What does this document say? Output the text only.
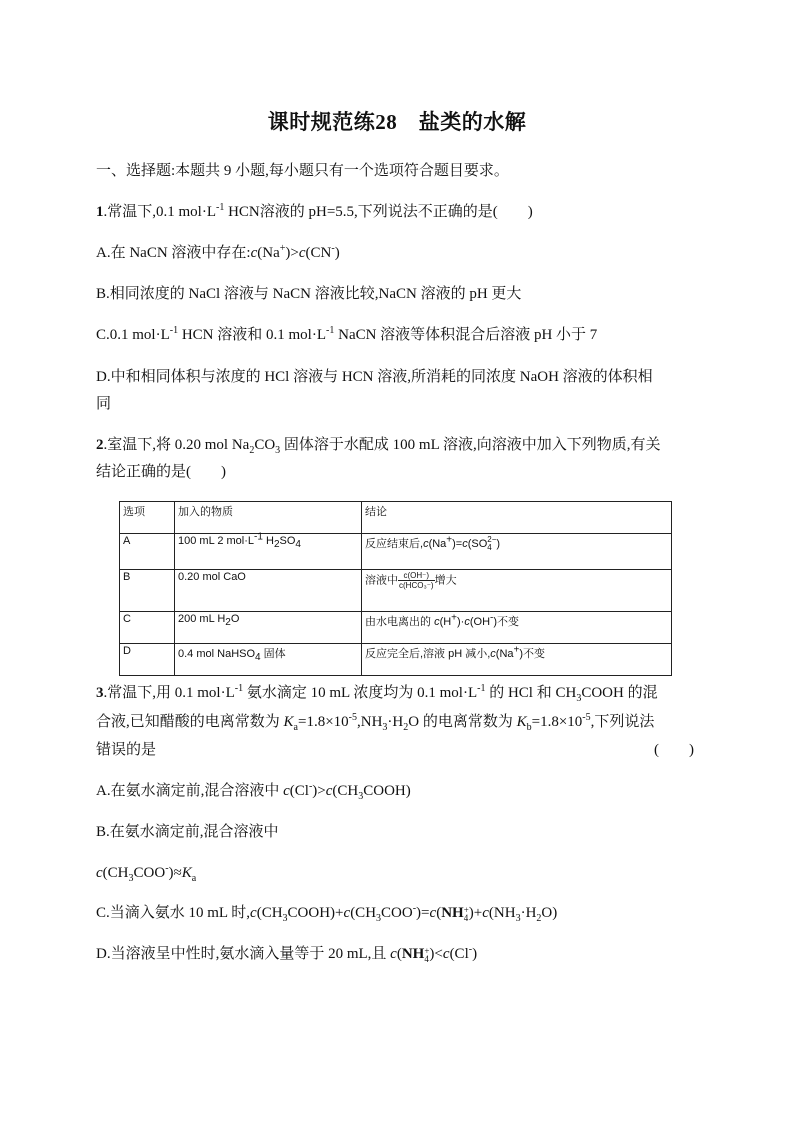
课时规范练28　盐类的水解
一、选择题:本题共 9 小题,每小题只有一个选项符合题目要求。
1.常温下,0.1 $mol\cdot L^{-1}$ HCN溶液的 pH=5.5,下列说法不正确的是(　　)
A.在 NaCN 溶液中存在:c(Na+)>c(CN-)
B.相同浓度的 NaCl 溶液与 NaCN 溶液比较,NaCN 溶液的 pH 更大
C.0.1 $mol\cdot L^{-1}$ HCN 溶液和 0.1 $mol\cdot L^{-1}$ NaCN 溶液等体积混合后溶液 pH 小于 7
D.中和相同体积与浓度的 HCl 溶液与 HCN 溶液,所消耗的同浓度 NaOH 溶液的体积相
同
2.室温下,将 0.20 mol $Na_2CO_3$ 固体溶于水配成 100 mL 溶液,向溶液中加入下列物质,有关
结论正确的是(　　)
选项	加入的物质	结论
A	100 mL 2 $mol\cdot L^{-1}$ $H_2SO_4$	反应结束后,c(Na+)=c(SO 2−
4 )
B	0.20 mol CaO	溶液中 $\frac{c(OH^-)}{\text{c(HCO₃⁻)}}$ 增大
C	200 mL $H_2O$	由水电离出的 c(H+)·c(OH-)不变
D	0.4 mol NaHSO$_4$ 固体	反应完全后,溶液 pH 减小,c(Na+)不变
3.常温下,用 0.1 $mol\cdot L^{-1}$ 氨水滴定 10 mL 浓度均为 0.1 $mol\cdot L^{-1}$ 的 HCl 和 $CH_3COOH$ 的混
合液,已知醋酸的电离常数为 $K_a=1.8\times 10^{-5},NH_3\cdot H_2O$ 的电离常数为 $K_b=1.8\times 10^{-5}$,下列说法
错误的是	(　　)
A.在氨水滴定前,混合溶液中 $c(Cl^-)>c(CH_3COOH)$
B.在氨水滴定前,混合溶液中
$c(CH_3COO^-)\approx K_a$
C.当滴入氨水 10 mL 时$,c(CH_3COOH)+c(CH_3COO^-)=c(NH$ +
4 )$+c(NH_3\cdot H_2O)$
D.当溶液呈中性时,氨水滴入量等于 20 mL,且 c(NH +
4 )<c(Cl-)
